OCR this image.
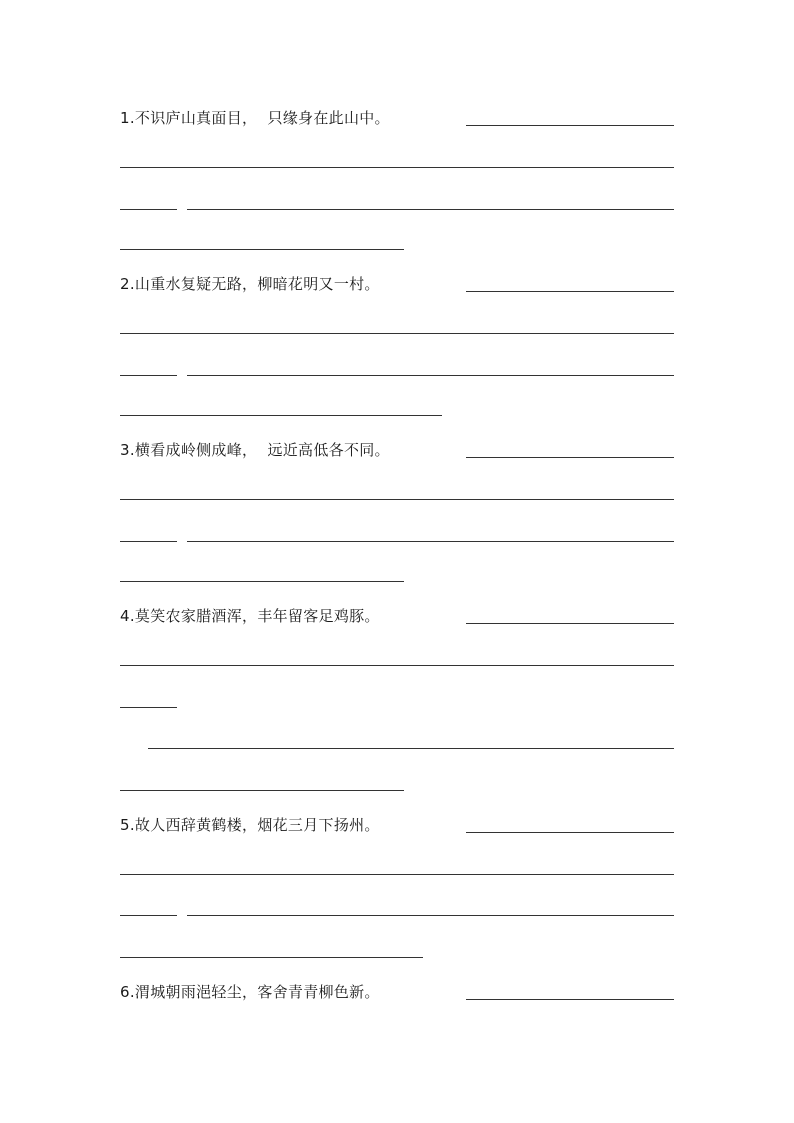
1.不识庐山真面目，  只缘身在此山中。
2.山重水复疑无路，柳暗花明又一村。
3.横看成岭侧成峰，  远近高低各不同。
4.莫笑农家腊酒浑，丰年留客足鸡豚。
5.故人西辞黄鹤楼，烟花三月下扬州。
6.渭城朝雨浥轻尘，客舍青青柳色新。
